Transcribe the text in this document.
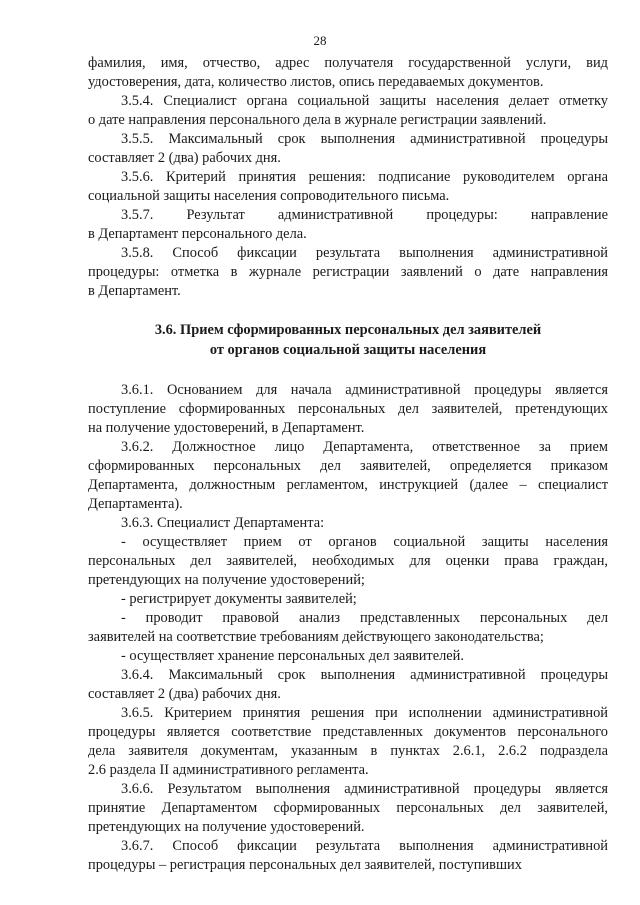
28

фамилия, имя, отчество, адрес получателя государственной услуги, вид

удостоверения, дата, количество листов, опись передаваемых документов.

3.5.4. Специалист органа социальной защиты населения делает отметку

о дате направления персонального дела в журнале регистрации заявлений.

3.5.5. Максимальный срок выполнения административной процедуры

составляет 2 (два) рабочих дня.

3.5.6. Критерий принятия решения: подписание руководителем органа

социальной защиты населения сопроводительного письма.

3.5.7. Результат административной процедуры: направление

в Департамент персонального дела.

3.5.8. Способ фиксации результата выполнения административной

процедуры: отметка в журнале регистрации заявлений о дате направления

в Департамент.

3.6. Прием сформированных персональных дел заявителей

от органов социальной защиты населения

3.6.1. Основанием для начала административной процедуры является

поступление сформированных персональных дел заявителей, претендующих

на получение удостоверений, в Департамент.

3.6.2. Должностное лицо Департамента, ответственное за прием

сформированных персональных дел заявителей, определяется приказом

Департамента, должностным регламентом, инструкцией (далее – специалист

Департамента).

3.6.3. Специалист Департамента:

- осуществляет прием от органов социальной защиты населения

персональных дел заявителей, необходимых для оценки права граждан,

претендующих на получение удостоверений;

- регистрирует документы заявителей;

- проводит правовой анализ представленных персональных дел

заявителей на соответствие требованиям действующего законодательства;

- осуществляет хранение персональных дел заявителей.

3.6.4. Максимальный срок выполнения административной процедуры

составляет 2 (два) рабочих дня.

3.6.5. Критерием принятия решения при исполнении административной

процедуры является соответствие представленных документов персонального

дела заявителя документам, указанным в пунктах 2.6.1, 2.6.2 подраздела

2.6 раздела II административного регламента.

3.6.6. Результатом выполнения административной процедуры является

принятие Департаментом сформированных персональных дел заявителей,

претендующих на получение удостоверений.

3.6.7. Способ фиксации результата выполнения административной

процедуры – регистрация персональных дел заявителей, поступивших
